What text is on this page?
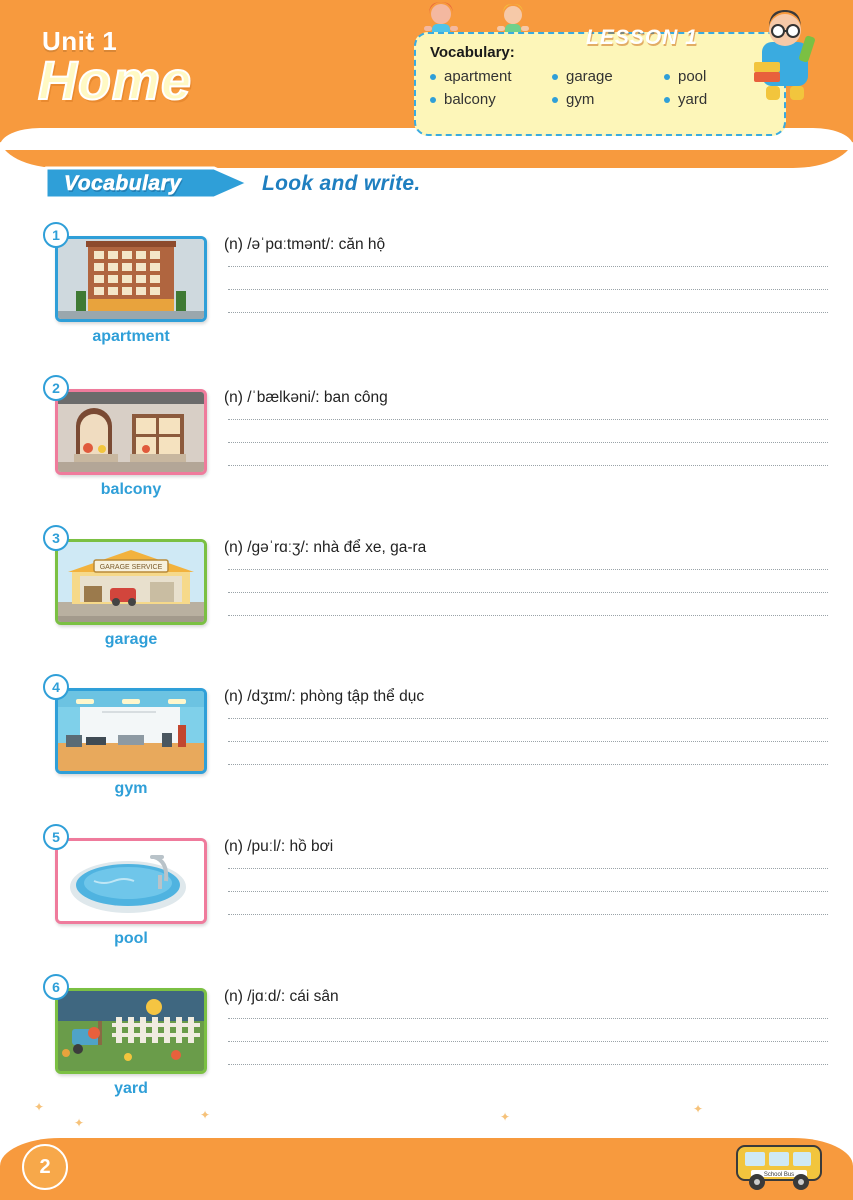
Unit 1
Home
LESSON 1
Vocabulary:
apartment	garage	pool
balcony	gym	yard
Vocabulary	Look and write.
1
apartment
(n) /əˈpɑːtmənt/: căn hộ
2
balcony
(n) /ˈbælkəni/: ban công
3
GARAGE SERVICE
garage
(n) /gəˈrɑːʒ/: nhà để xe, ga-ra
4
gym
(n) /dʒɪm/: phòng tập thể dục
5
pool
(n) /puːl/: hồ bơi
6
yard
(n) /jɑːd/: cái sân
✦
✦
✦	✦
✦
2	School Bus
